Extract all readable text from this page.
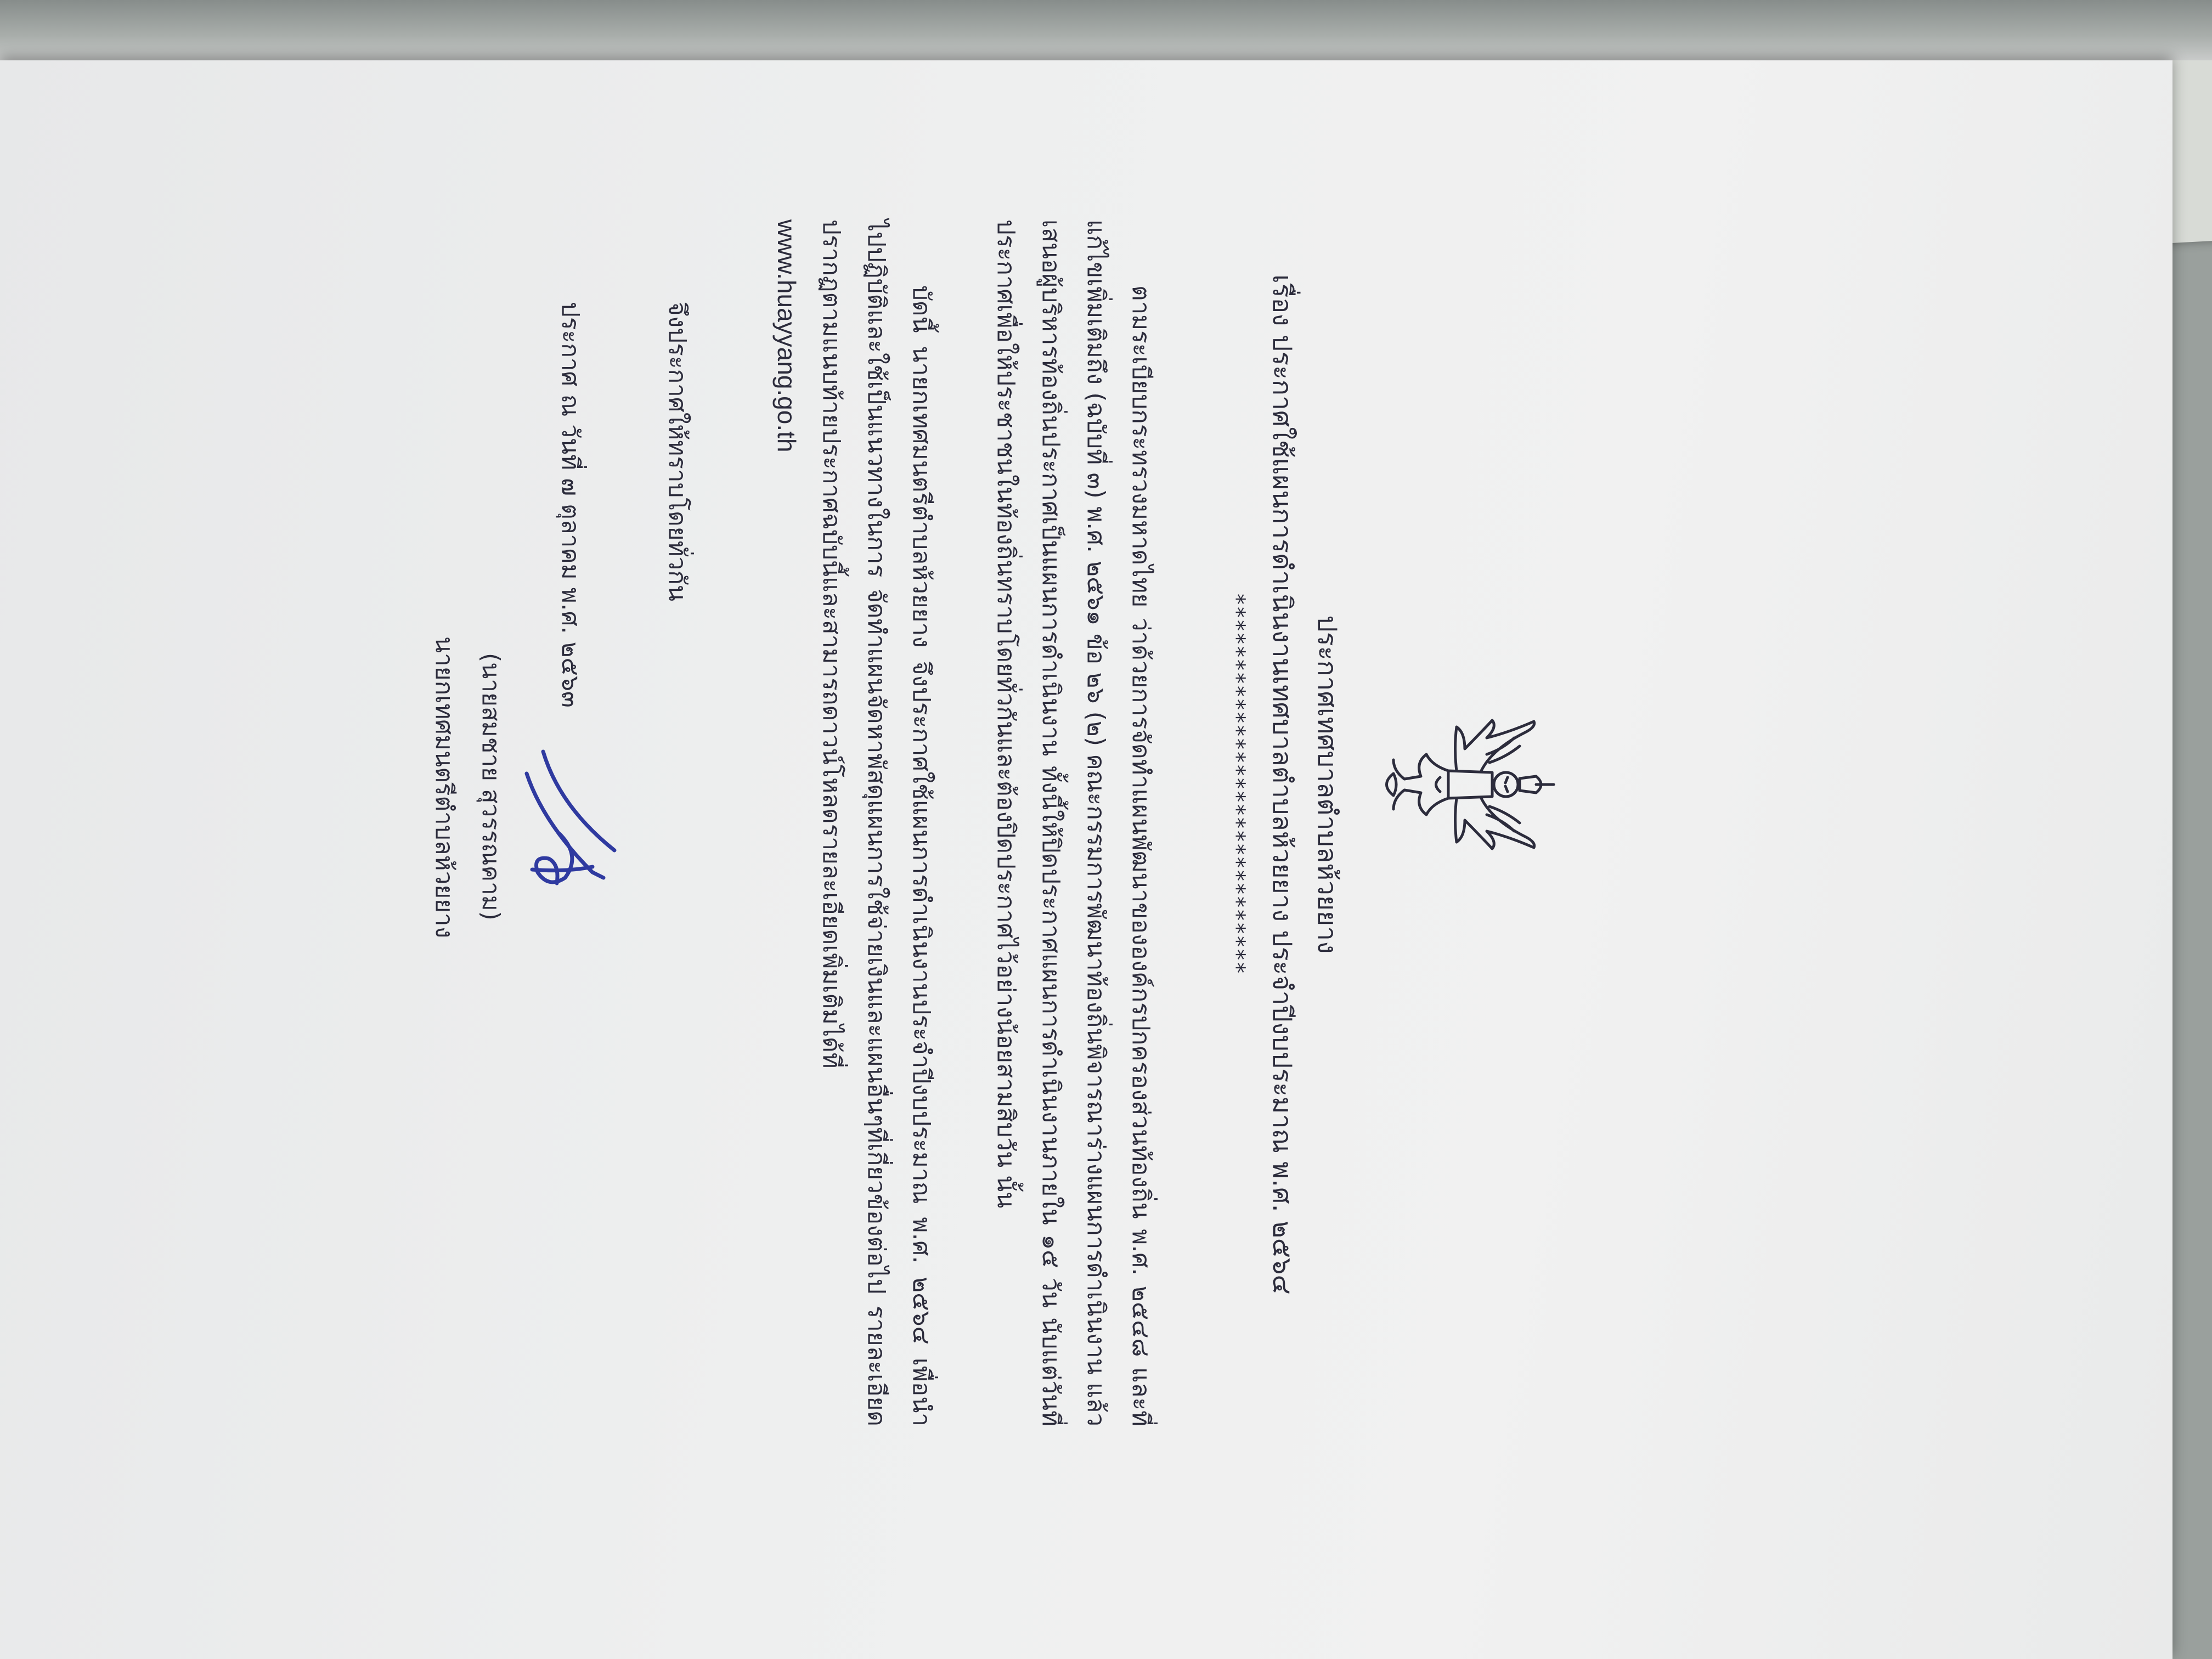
ประกาศเทศบาลตำบลห้วยยาง
เรื่อง ประกาศใช้แผนการดำเนินงานเทศบาลตำบลห้วยยาง ประจำปีงบประมาณ พ.ศ. ๒๕๖๔
*****************************
ตามระเบียบกระทรวงมหาดไทย ว่าด้วยการจัดทำแผนพัฒนาขององค์กรปกครองส่วนท้องถิ่น พ.ศ. ๒๕๔๘ และที่แก้ไขเพิ่มเติมถึง (ฉบับที่ ๓) พ.ศ. ๒๕๖๑ ข้อ ๒๖ (๒) คณะกรรมการพัฒนาท้องถิ่นพิจารณาร่างแผนการดำเนินงาน แล้วเสนอผู้บริหารท้องถิ่นประกาศเป็นแผนการดำเนินงาน ทั้งนี้ให้ปิดประกาศแผนการดำเนินงานภายใน ๑๕ วัน นับแต่วันที่ประกาศเพื่อให้ประชาชนในท้องถิ่นทราบโดยทั่วกันและต้องปิดประกาศไว้อย่างน้อยสามสิบวัน นั้น
บัดนี้ นายกเทศมนตรีตำบลห้วยยาง จึงประกาศใช้แผนการดำเนินงานประจำปีงบประมาณ พ.ศ. ๒๕๖๔ เพื่อนำไปปฏิบัติและใช้เป็นแนวทางในการ จัดทำแผนจัดหาพัสดุแผนการใช้จ่ายเงินและแผนอื่นๆที่เกี่ยวข้องต่อไป รายละเอียดปรากฏตามแนบท้ายประกาศฉบับนี้และสามารถดาวน์โหลดรายละเอียดเพิ่มเติมได้ที่
www.huayyang.go.th
จึงประกาศให้ทราบโดยทั่วกัน
ประกาศ ณ วันที่ ๗ ตุลาคม พ.ศ. ๒๕๖๓
(นายสมชาย สุวรรณคาม)
นายกเทศมนตรีตำบลห้วยยาง
